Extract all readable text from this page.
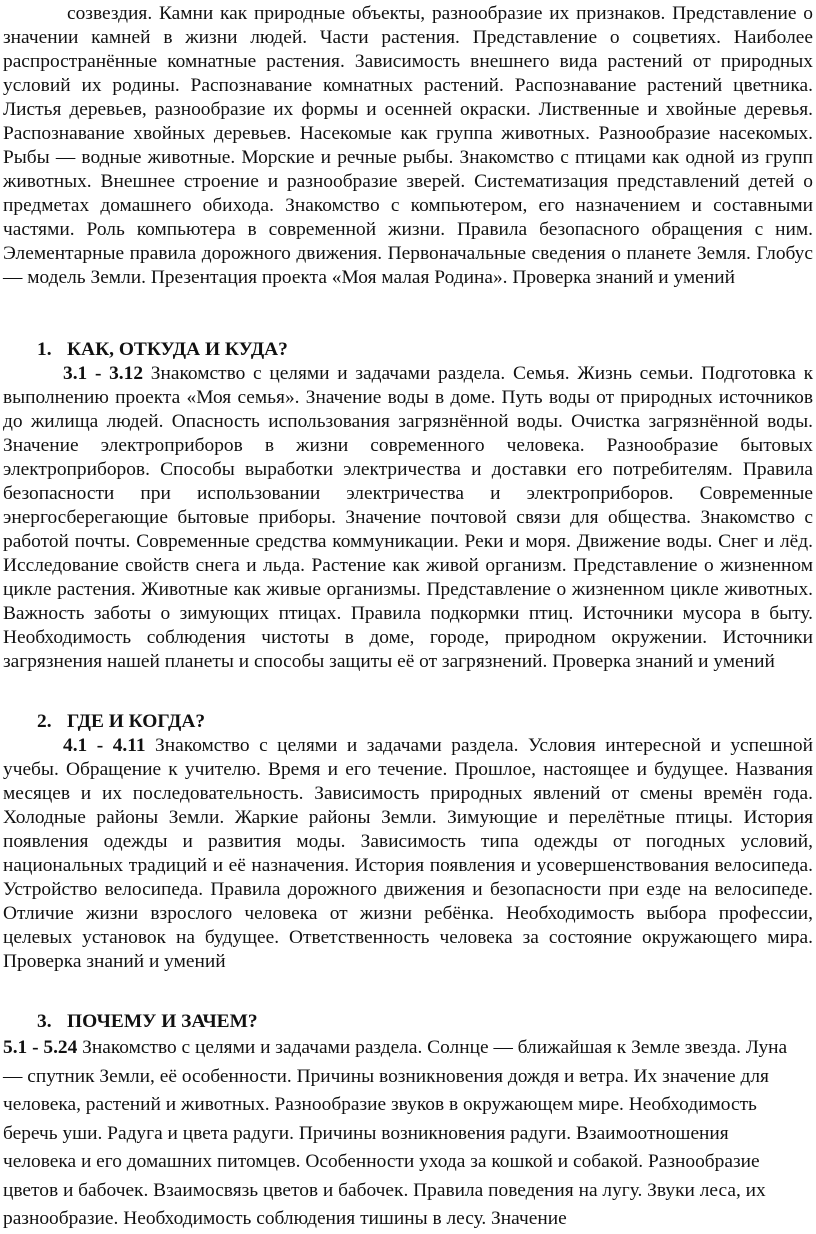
созвездия. Камни как природные объекты, разнообразие их признаков. Представление о значении камней в жизни людей. Части растения. Представление о соцветиях. Наиболее распространённые комнатные растения. Зависимость внешнего вида растений от природных условий их родины. Распознавание комнатных растений. Распознавание растений цветника. Листья деревьев, разнообразие их формы и осенней окраски. Лиственные и хвойные деревья. Распознавание хвойных деревьев. Насекомые как группа животных. Разнообразие насекомых. Рыбы — водные животные. Морские и речные рыбы. Знакомство с птицами как одной из групп животных. Внешнее строение и разнообразие зверей. Систематизация представлений детей о предметах домашнего обихода. Знакомство с компьютером, его назначением и составными частями. Роль компьютера в современной жизни. Правила безопасного обращения с ним. Элементарные правила дорожного движения. Первоначальные сведения о планете Земля. Глобус — модель Земли. Презентация проекта «Моя малая Родина». Проверка знаний и умений

1. КАК, ОТКУДА И КУДА?

3.1 - 3.12 Знакомство с целями и задачами раздела. Семья. Жизнь семьи. Подготовка к выполнению проекта «Моя семья». Значение воды в доме. Путь воды от природных источников до жилища людей. Опасность использования загрязнённой воды. Очистка загрязнённой воды. Значение электроприборов в жизни современного человека. Разнообразие бытовых электроприборов. Способы выработки электричества и доставки его потребителям. Правила безопасности при использовании электричества и электроприборов. Современные энергосберегающие бытовые приборы. Значение почтовой связи для общества. Знакомство с работой почты. Современные средства коммуникации. Реки и моря. Движение воды. Снег и лёд. Исследование свойств снега и льда. Растение как живой организм. Представление о жизненном цикле растения. Животные как живые организмы. Представление о жизненном цикле животных. Важность заботы о зимующих птицах. Правила подкормки птиц. Источники мусора в быту. Необходимость соблюдения чистоты в доме, городе, природном окружении. Источники загрязнения нашей планеты и способы защиты её от загрязнений. Проверка знаний и умений

2. ГДЕ И КОГДА?

4.1 - 4.11 Знакомство с целями и задачами раздела. Условия интересной и успешной учебы. Обращение к учителю. Время и его течение. Прошлое, настоящее и будущее. Названия месяцев и их последовательность. Зависимость природных явлений от смены времён года. Холодные районы Земли. Жаркие районы Земли. Зимующие и перелётные птицы. История появления одежды и развития моды. Зависимость типа одежды от погодных условий, национальных традиций и её назначения. История появления и усовершенствования велосипеда. Устройство велосипеда. Правила дорожного движения и безопасности при езде на велосипеде. Отличие жизни взрослого человека от жизни ребёнка. Необходимость выбора профессии, целевых установок на будущее. Ответственность человека за состояние окружающего мира. Проверка знаний и умений

3. ПОЧЕМУ И ЗАЧЕМ?

5.1 - 5.24 Знакомство с целями и задачами раздела. Солнце — ближайшая к Земле звезда. Луна — спутник Земли, её особенности. Причины возникновения дождя и ветра. Их значение для человека, растений и животных. Разнообразие звуков в окружающем мире. Необходимость беречь уши. Радуга и цвета радуги. Причины возникновения радуги. Взаимоотношения человека и его домашних питомцев. Особенности ухода за кошкой и собакой. Разнообразие цветов и бабочек. Взаимосвязь цветов и бабочек. Правила поведения на лугу. Звуки леса, их разнообразие. Необходимость соблюдения тишины в лесу. Значение
